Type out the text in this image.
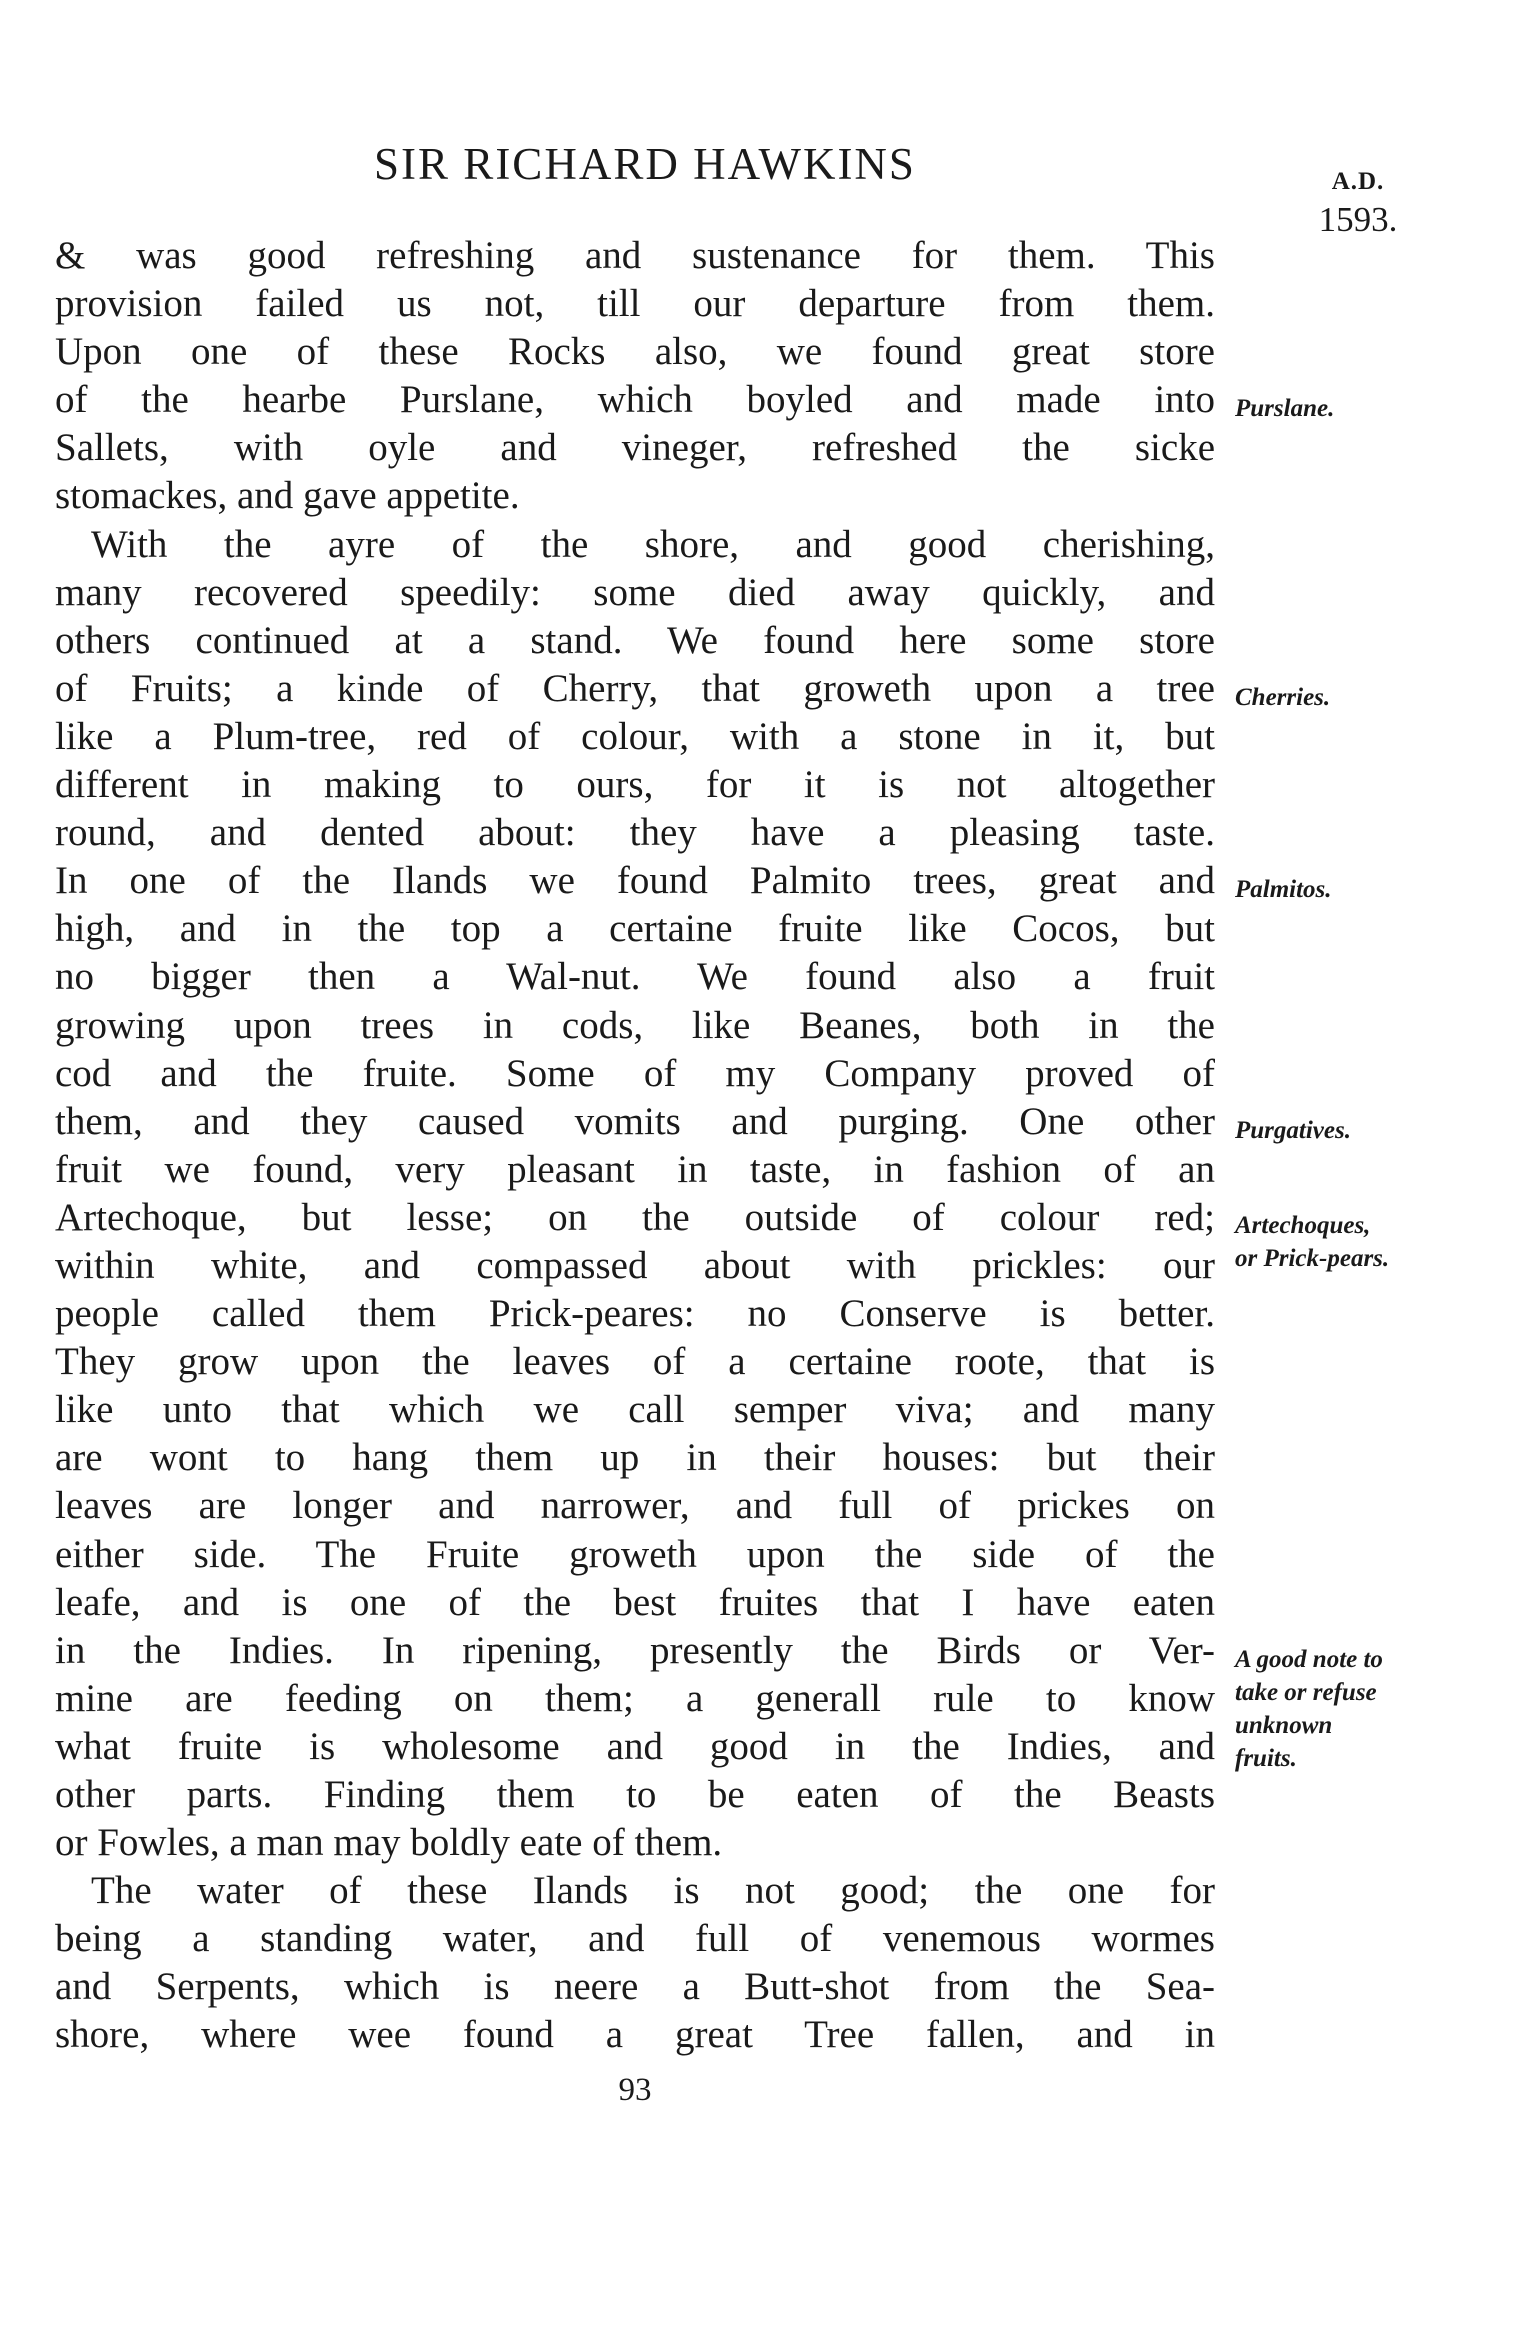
SIR RICHARD HAWKINS	A.D.
1593.
& was good refreshing and sustenance for them. This
provision failed us not, till our departure from them.
Upon one of these Rocks also, we found great store
of the hearbe Purslane, which boyled and made into
Sallets, with oyle and vineger, refreshed the sicke
stomackes, and gave appetite.
With the ayre of the shore, and good cherishing,
many recovered speedily: some died away quickly, and
others continued at a stand. We found here some store
of Fruits; a kinde of Cherry, that groweth upon a tree
like a Plum-tree, red of colour, with a stone in it, but
different in making to ours, for it is not altogether
round, and dented about: they have a pleasing taste.
In one of the Ilands we found Palmito trees, great and
high, and in the top a certaine fruite like Cocos, but
no bigger then a Wal-nut. We found also a fruit
growing upon trees in cods, like Beanes, both in the
cod and the fruite. Some of my Company proved of
them, and they caused vomits and purging. One other
fruit we found, very pleasant in taste, in fashion of an
Artechoque, but lesse; on the outside of colour red;
within white, and compassed about with prickles: our
people called them Prick-peares: no Conserve is better.
They grow upon the leaves of a certaine roote, that is
like unto that which we call semper viva; and many
are wont to hang them up in their houses: but their
leaves are longer and narrower, and full of prickes on
either side. The Fruite groweth upon the side of the
leafe, and is one of the best fruites that I have eaten
in the Indies. In ripening, presently the Birds or Ver-
mine are feeding on them; a generall rule to know
what fruite is wholesome and good in the Indies, and
other parts. Finding them to be eaten of the Beasts
or Fowles, a man may boldly eate of them.
The water of these Ilands is not good; the one for
being a standing water, and full of venemous wormes
and Serpents, which is neere a Butt-shot from the Sea-
shore, where wee found a great Tree fallen, and in
Purslane.
Cherries.
Palmitos.
Purgatives.
Artechoques,
or Prick-pears.
A good note to
take or refuse
unknown
fruits.
93
